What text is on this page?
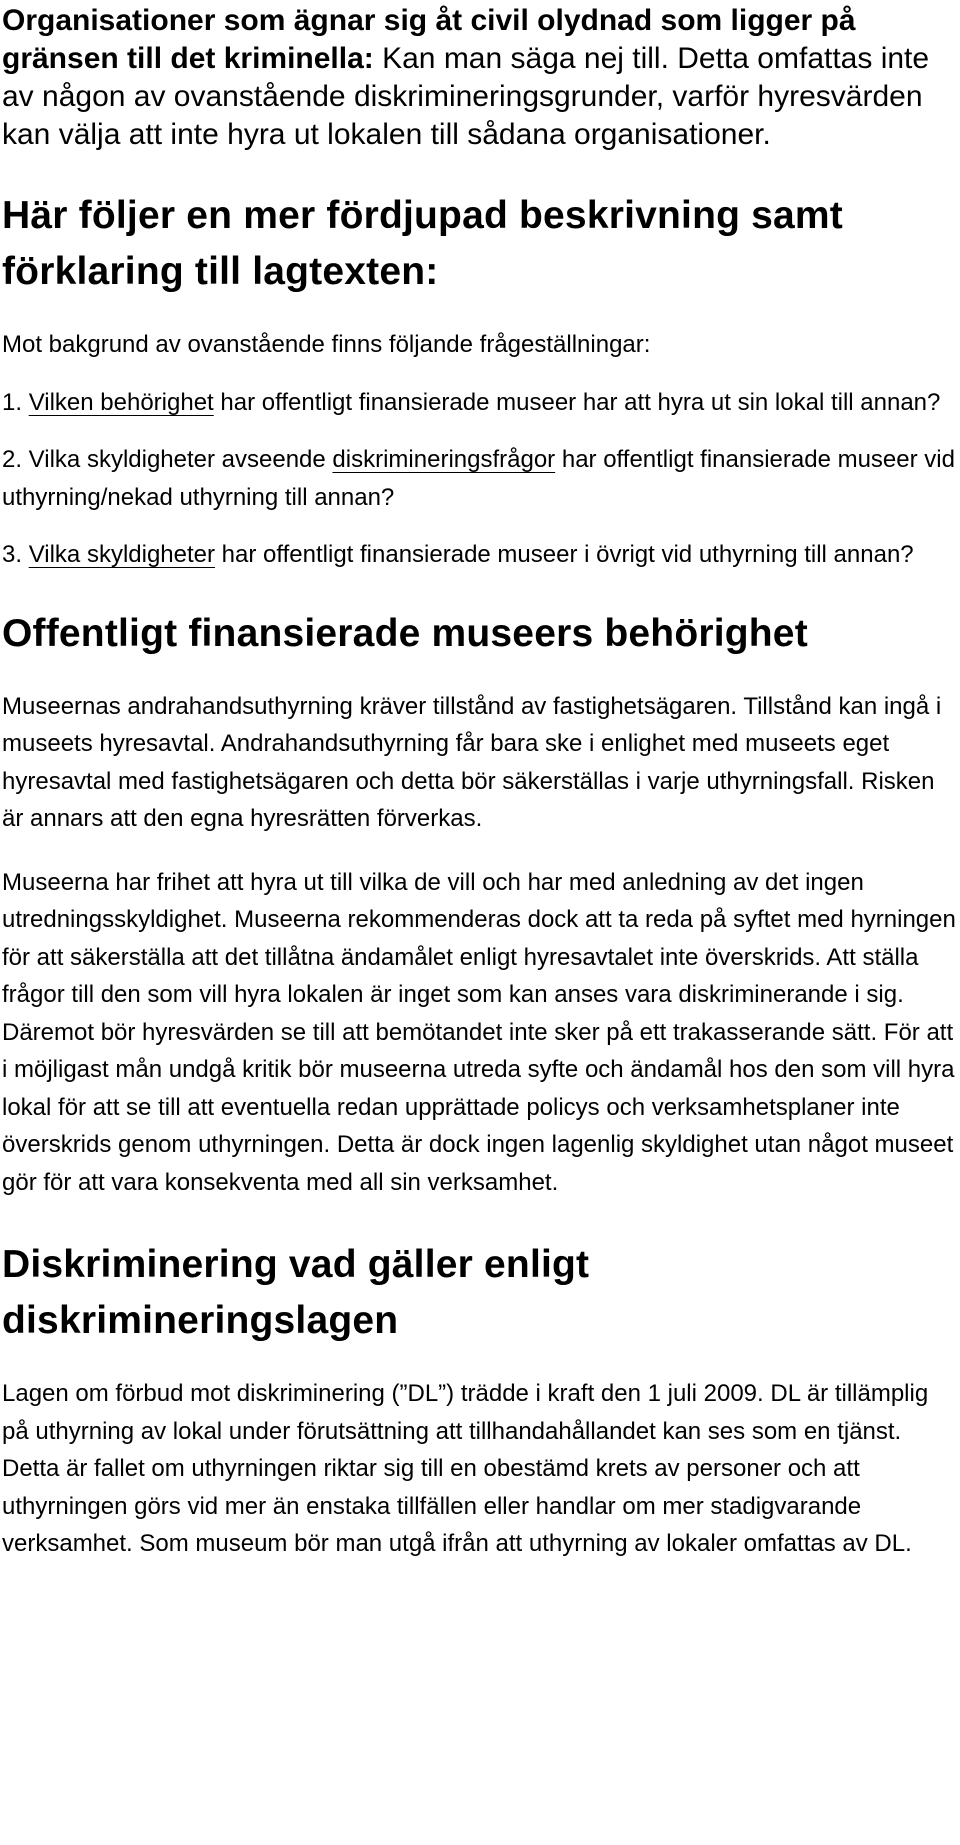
Organisationer som ägnar sig åt civil olydnad som ligger på gränsen till det kriminella: Kan man säga nej till. Detta omfattas inte av någon av ovanstående diskrimineringsgrunder, varför hyresvärden kan välja att inte hyra ut lokalen till sådana organisationer.

Här följer en mer fördjupad beskrivning samt förklaring till lagtexten:

Mot bakgrund av ovanstående finns följande frågeställningar:

1. Vilken behörighet har offentligt finansierade museer har att hyra ut sin lokal till annan?

2. Vilka skyldigheter avseende diskrimineringsfrågor har offentligt finansierade museer vid uthyrning/nekad uthyrning till annan?

3. Vilka skyldigheter har offentligt finansierade museer i övrigt vid uthyrning till annan?

Offentligt finansierade museers behörighet

Museernas andrahandsuthyrning kräver tillstånd av fastighetsägaren. Tillstånd kan ingå i museets hyresavtal. Andrahandsuthyrning får bara ske i enlighet med museets eget hyresavtal med fastighetsägaren och detta bör säkerställas i varje uthyrningsfall. Risken är annars att den egna hyresrätten förverkas.

Museerna har frihet att hyra ut till vilka de vill och har med anledning av det ingen utredningsskyldighet. Museerna rekommenderas dock att ta reda på syftet med hyrningen för att säkerställa att det tillåtna ändamålet enligt hyresavtalet inte överskrids. Att ställa frågor till den som vill hyra lokalen är inget som kan anses vara diskriminerande i sig. Däremot bör hyresvärden se till att bemötandet inte sker på ett trakasserande sätt. För att i möjligast mån undgå kritik bör museerna utreda syfte och ändamål hos den som vill hyra lokal för att se till att eventuella redan upprättade policys och verksamhetsplaner inte överskrids genom uthyrningen. Detta är dock ingen lagenlig skyldighet utan något museet gör för att vara konsekventa med all sin verksamhet.

Diskriminering vad gäller enligt diskrimineringslagen

Lagen om förbud mot diskriminering (”DL”) trädde i kraft den 1 juli 2009. DL är tillämplig på uthyrning av lokal under förutsättning att tillhandahållandet kan ses som en tjänst. Detta är fallet om uthyrningen riktar sig till en obestämd krets av personer och att uthyrningen görs vid mer än enstaka tillfällen eller handlar om mer stadigvarande verksamhet. Som museum bör man utgå ifrån att uthyrning av lokaler omfattas av DL.
